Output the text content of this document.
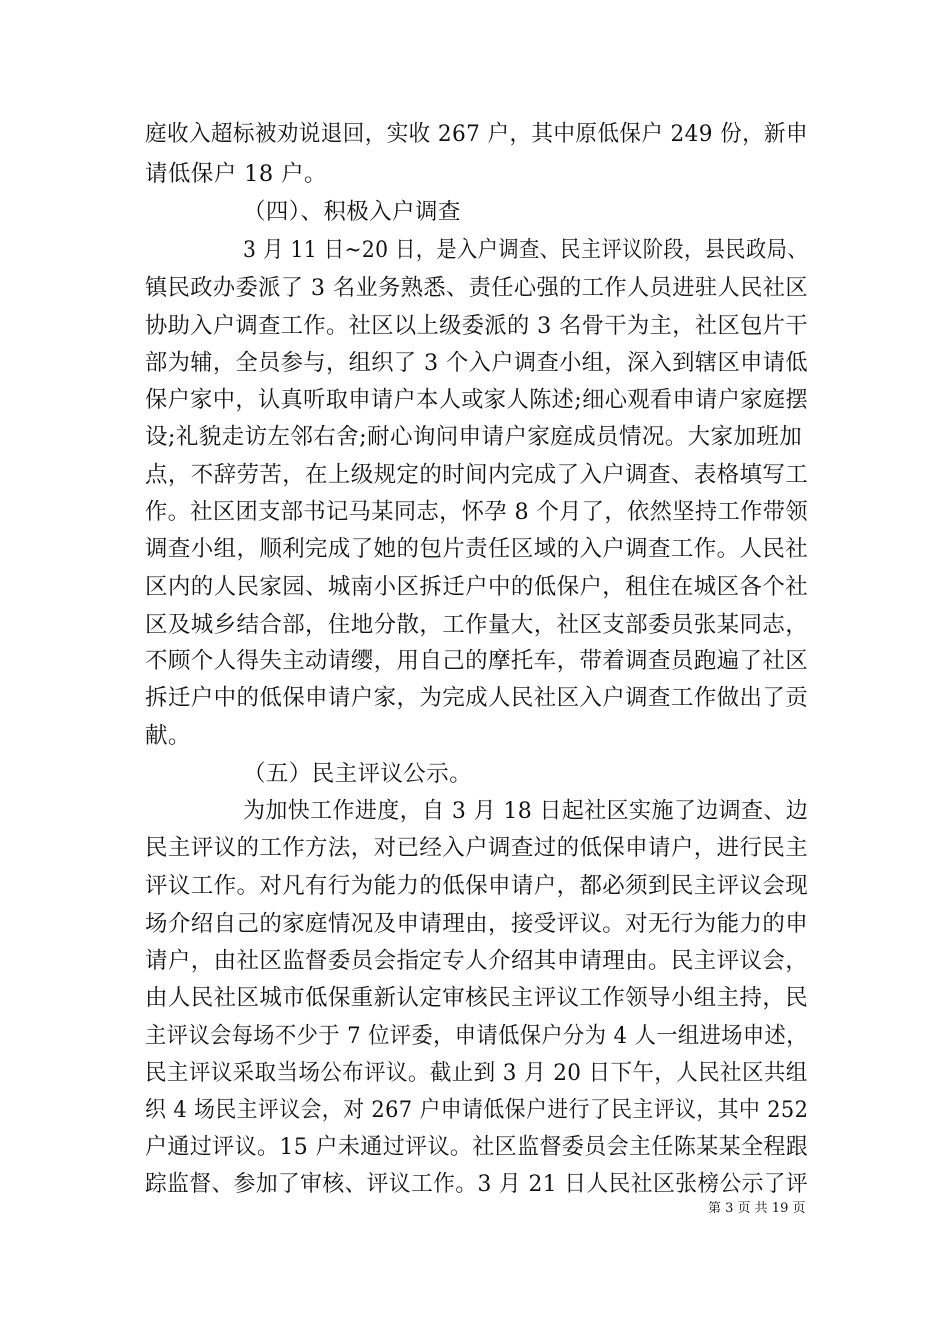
庭收入超标被劝说退回，实收 267 户，其中原低保户 249 份，新申
请低保户 18 户。
（四）、积极入户调查
3 月 11 日~20 日，是入户调查、民主评议阶段，县民政局、
镇民政办委派了 3 名业务熟悉、责任心强的工作人员进驻人民社区
协助入户调查工作。社区以上级委派的 3 名骨干为主，社区包片干
部为辅，全员参与，组织了 3 个入户调查小组，深入到辖区申请低
保户家中，认真听取申请户本人或家人陈述;细心观看申请户家庭摆
设;礼貌走访左邻右舍;耐心询问申请户家庭成员情况。大家加班加
点，不辞劳苦，在上级规定的时间内完成了入户调查、表格填写工
作。社区团支部书记马某同志，怀孕 8 个月了，依然坚持工作带领
调查小组，顺利完成了她的包片责任区域的入户调查工作。人民社
区内的人民家园、城南小区拆迁户中的低保户，租住在城区各个社
区及城乡结合部，住地分散，工作量大，社区支部委员张某同志，
不顾个人得失主动请缨，用自己的摩托车，带着调查员跑遍了社区
拆迁户中的低保申请户家，为完成人民社区入户调查工作做出了贡
献。
（五）民主评议公示。
为加快工作进度，自 3 月 18 日起社区实施了边调查、边
民主评议的工作方法，对已经入户调查过的低保申请户，进行民主
评议工作。对凡有行为能力的低保申请户，都必须到民主评议会现
场介绍自己的家庭情况及申请理由，接受评议。对无行为能力的申
请户，由社区监督委员会指定专人介绍其申请理由。民主评议会，
由人民社区城市低保重新认定审核民主评议工作领导小组主持，民
主评议会每场不少于 7 位评委，申请低保户分为 4 人一组进场申述，
民主评议采取当场公布评议。截止到 3 月 20 日下午，人民社区共组
织 4 场民主评议会，对 267 户申请低保户进行了民主评议，其中 252
户通过评议。15 户未通过评议。社区监督委员会主任陈某某全程跟
踪监督、参加了审核、评议工作。3 月 21 日人民社区张榜公示了评
第 3 页 共 19 页
